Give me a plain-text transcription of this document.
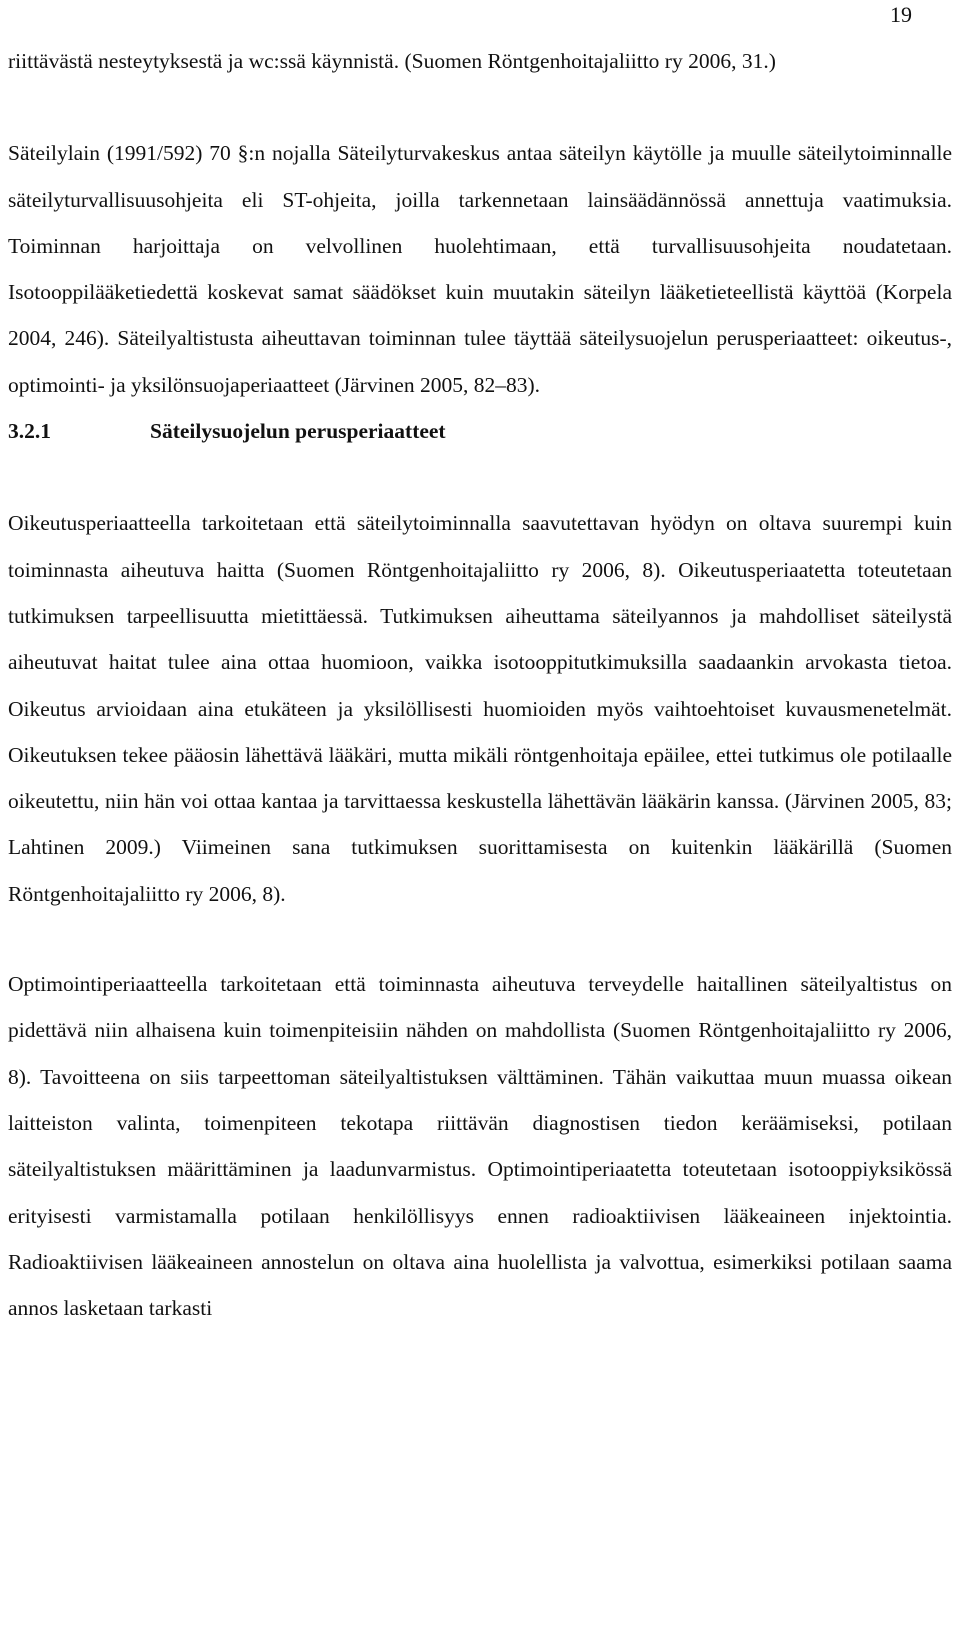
19

riittävästä nesteytyksestä ja wc:ssä käynnistä. (Suomen Röntgenhoitajaliitto ry 2006, 31.)

Säteilylain (1991/592) 70 §:n nojalla Säteilyturvakeskus antaa säteilyn käytölle ja muulle säteilytoiminnalle säteilyturvallisuusohjeita eli ST-ohjeita, joilla tarkennetaan lainsäädännössä annettuja vaatimuksia. Toiminnan harjoittaja on velvollinen huolehtimaan, että turvallisuusohjeita noudatetaan. Isotooppilääketiedettä koskevat samat säädökset kuin muutakin säteilyn lääketieteellistä käyttöä (Korpela 2004, 246). Säteilyaltistusta aiheuttavan toiminnan tulee täyttää säteilysuojelun perusperiaatteet: oikeutus-, optimointi- ja yksilönsuojaperiaatteet (Järvinen 2005, 82–83).

3.2.1	Säteilysuojelun perusperiaatteet

Oikeutusperiaatteella tarkoitetaan että säteilytoiminnalla saavutettavan hyödyn on oltava suurempi kuin toiminnasta aiheutuva haitta (Suomen Röntgenhoitajaliitto ry 2006, 8). Oikeutusperiaatetta toteutetaan tutkimuksen tarpeellisuutta mietittäessä. Tutkimuksen aiheuttama säteilyannos ja mahdolliset säteilystä aiheutuvat haitat tulee aina ottaa huomioon, vaikka isotooppitutkimuksilla saadaankin arvokasta tietoa. Oikeutus arvioidaan aina etukäteen ja yksilöllisesti huomioiden myös vaihtoehtoiset kuvausmenetelmät. Oikeutuksen tekee pääosin lähettävä lääkäri, mutta mikäli röntgenhoitaja epäilee, ettei tutkimus ole potilaalle oikeutettu, niin hän voi ottaa kantaa ja tarvittaessa keskustella lähettävän lääkärin kanssa. (Järvinen 2005, 83; Lahtinen 2009.) Viimeinen sana tutkimuksen suorittamisesta on kuitenkin lääkärillä (Suomen Röntgenhoitajaliitto ry 2006, 8).

Optimointiperiaatteella tarkoitetaan että toiminnasta aiheutuva terveydelle haitallinen säteilyaltistus on pidettävä niin alhaisena kuin toimenpiteisiin nähden on mahdollista (Suomen Röntgenhoitajaliitto ry 2006, 8). Tavoitteena on siis tarpeettoman säteilyaltistuksen välttäminen. Tähän vaikuttaa muun muassa oikean laitteiston valinta, toimenpiteen tekotapa riittävän diagnostisen tiedon keräämiseksi, potilaan säteilyaltistuksen määrittäminen ja laadunvarmistus. Optimointiperiaatetta toteutetaan isotooppiyksikössä erityisesti varmistamalla potilaan henkilöllisyys ennen radioaktiivisen lääkeaineen injektointia. Radioaktiivisen lääkeaineen annostelun on oltava aina huolellista ja valvottua, esimerkiksi potilaan saama annos lasketaan tarkasti
